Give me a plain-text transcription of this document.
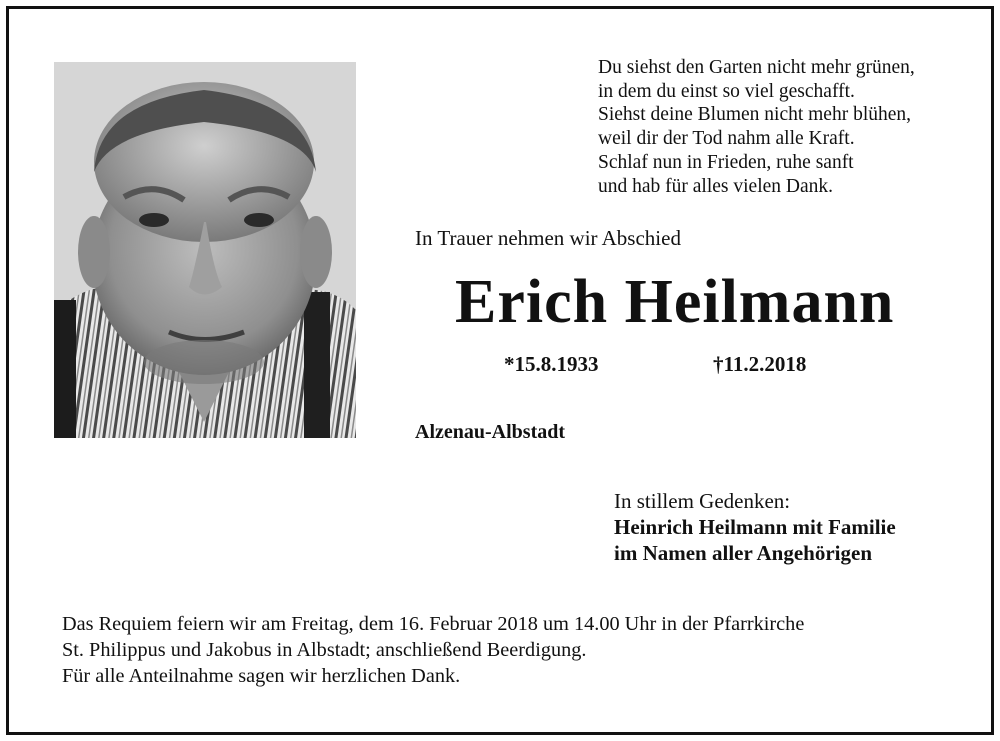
Du siehst den Garten nicht mehr grünen,
in dem du einst so viel geschafft.
Siehst deine Blumen nicht mehr blühen,
weil dir der Tod nahm alle Kraft.
Schlaf nun in Frieden, ruhe sanft
und hab für alles vielen Dank.
In Trauer nehmen wir Abschied
Erich Heilmann
*15.8.1933	†11.2.2018
Alzenau-Albstadt
In stillem Gedenken:
Heinrich Heilmann mit Familie
im Namen aller Angehörigen
Das Requiem feiern wir am Freitag, dem 16. Februar 2018 um 14.00 Uhr in der Pfarrkirche
St. Philippus und Jakobus in Albstadt; anschließend Beerdigung.
Für alle Anteilnahme sagen wir herzlichen Dank.
